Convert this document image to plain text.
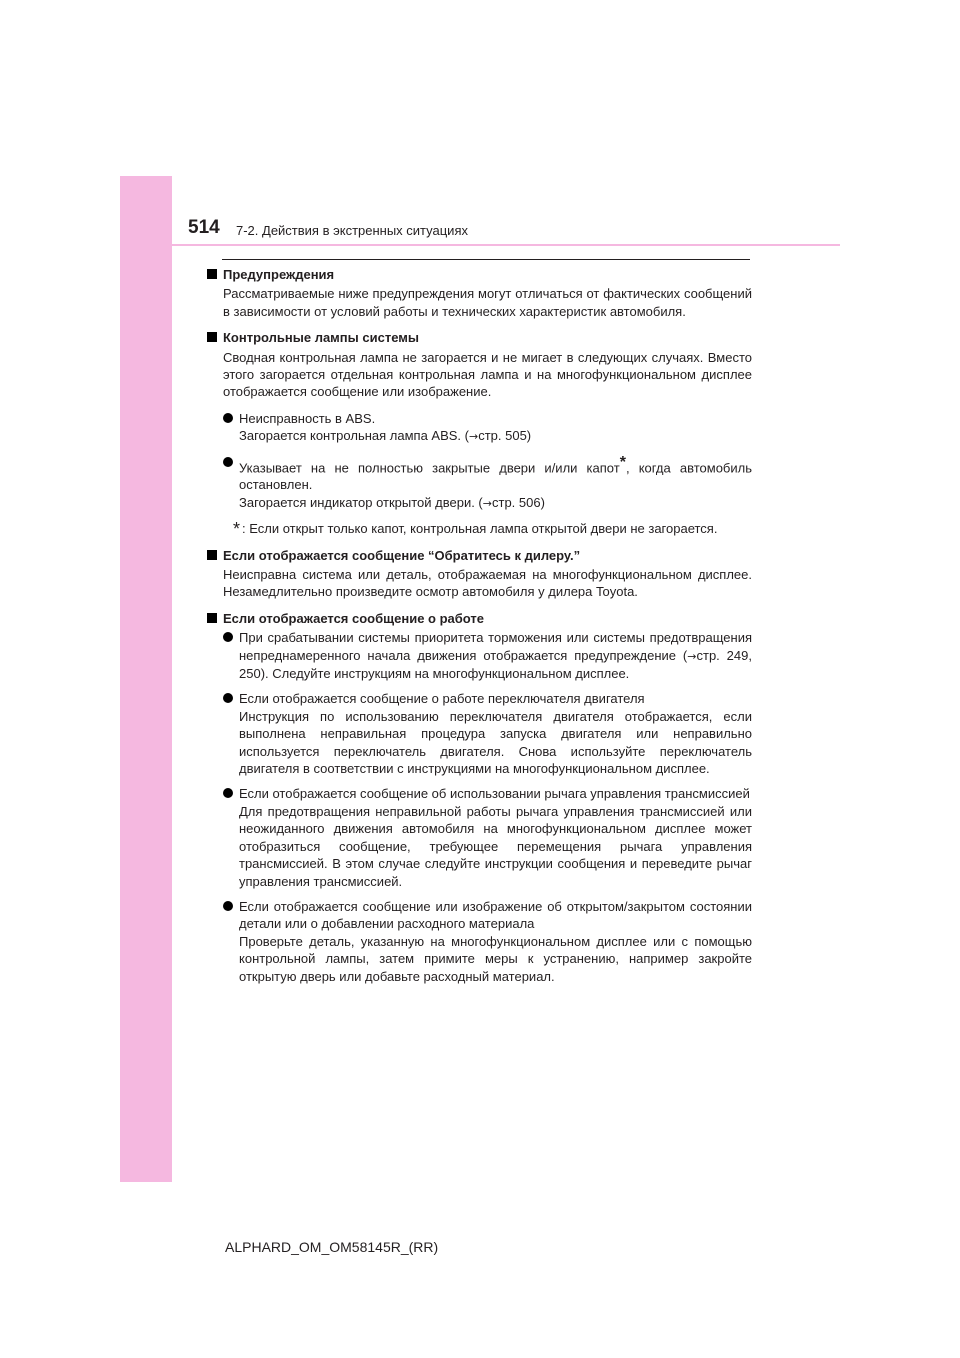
514 7-2. Действия в экстренных ситуациях
Предупреждения

Рассматриваемые ниже предупреждения могут отличаться от фактических сообщений в зависимости от условий работы и технических характеристик автомобиля.

Контрольные лампы системы

Сводная контрольная лампа не загорается и не мигает в следующих случаях. Вместо этого загорается отдельная контрольная лампа и на многофункциональном дисплее отображается сообщение или изображение.

Неисправность в ABS.

Загорается контрольная лампа ABS. (→стр. 505)

Указывает на не полностью закрытые двери и/или капот*, когда автомобиль остановлен.

Загорается индикатор открытой двери. (→стр. 506)

* : Если открыт только капот, контрольная лампа открытой двери не загорается.
Если отображается сообщение “Обратитесь к дилеру.”

Неисправна система или деталь, отображаемая на многофункциональном дисплее. Незамедлительно произведите осмотр автомобиля у дилера Toyota.

Если отображается сообщение о работе

При срабатывании системы приоритета торможения или системы предотвращения непреднамеренного начала движения отображается предупреждение (→стр. 249, 250). Следуйте инструкциям на многофункциональном дисплее.

Если отображается сообщение о работе переключателя двигателя

Инструкция по использованию переключателя двигателя отображается, если выполнена неправильная процедура запуска двигателя или неправильно используется переключатель двигателя. Снова используйте переключатель двигателя в соответствии с инструкциями на многофункциональном дисплее.

Если отображается сообщение об использовании рычага управления трансмиссией

Для предотвращения неправильной работы рычага управления трансмиссией или неожиданного движения автомобиля на многофункциональном дисплее может отобразиться сообщение, требующее перемещения рычага управления трансмиссией. В этом случае следуйте инструкции сообщения и переведите рычаг управления трансмиссией.

Если отображается сообщение или изображение об открытом/закрытом состоянии детали или о добавлении расходного материала

Проверьте деталь, указанную на многофункциональном дисплее или с помощью контрольной лампы, затем примите меры к устранению, например закройте открытую дверь или добавьте расходный материал.

ALPHARD_OM_OM58145R_(RR)
